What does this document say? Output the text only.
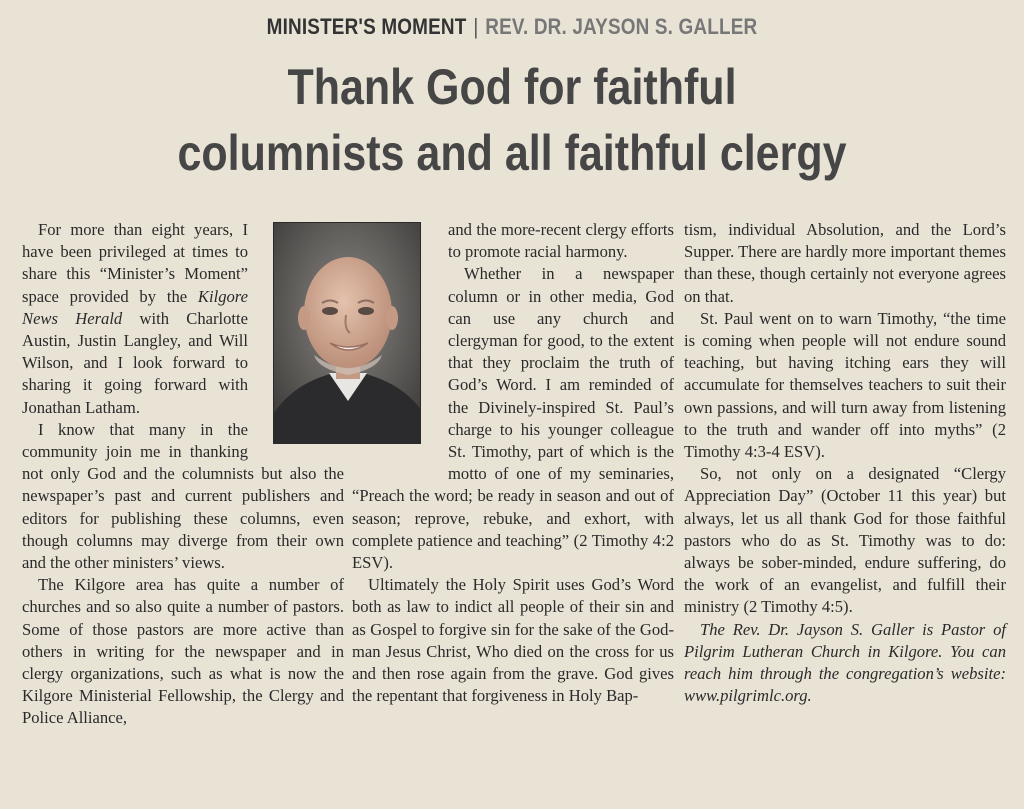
MINISTER'S MOMENT | REV. DR. JAYSON S. GALLER
Thank God for faithful
columnists and all faithful clergy

For more than eight years, I have been privileged at times to share this “Minister’s Moment” space provided by the Kilgore News Herald with Charlotte Austin, Justin Langley, and Will Wilson, and I look forward to sharing it going forward with Jonathan Latham.

I know that many in the community join me in thanking not only God and the columnists but also the newspaper’s past and current publishers and editors for publishing these columns, even though columns may diverge from their own and the other ministers’ views.

The Kilgore area has quite a number of churches and so also quite a number of pastors. Some of those pastors are more active than others in writing for the newspaper and in clergy organizations, such as what is now the Kilgore Ministerial Fellowship, the Clergy and Police Alliance,

and the more-recent clergy efforts to promote racial harmony.

Whether in a newspaper column or in other media, God can use any church and clergyman for good, to the extent that they proclaim the truth of God’s Word. I am reminded of the Divinely-inspired St. Paul’s charge to his younger colleague St. Timothy, part of which is the motto of one of my seminaries, “Preach the word; be ready in season and out of season; reprove, rebuke, and exhort, with complete patience and teaching” (2 Timothy 4:2 ESV).

Ultimately the Holy Spirit uses God’s Word both as law to indict all people of their sin and as Gospel to forgive sin for the sake of the God-man Jesus Christ, Who died on the cross for us and then rose again from the grave. God gives the repentant that forgiveness in Holy Bap-

tism, individual Absolution, and the Lord’s Supper. There are hardly more important themes than these, though certainly not everyone agrees on that.

St. Paul went on to warn Timothy, “the time is coming when people will not endure sound teaching, but having itching ears they will accumulate for themselves teachers to suit their own passions, and will turn away from listening to the truth and wander off into myths” (2 Timothy 4:3-4 ESV).

So, not only on a designated “Clergy Appreciation Day” (October 11 this year) but always, let us all thank God for those faithful pastors who do as St. Timothy was to do: always be sober-minded, endure suffering, do the work of an evangelist, and fulfill their ministry (2 Timothy 4:5).

The Rev. Dr. Jayson S. Galler is Pastor of Pilgrim Lutheran Church in Kilgore. You can reach him through the congregation’s website: www.pilgrimlc.org.
